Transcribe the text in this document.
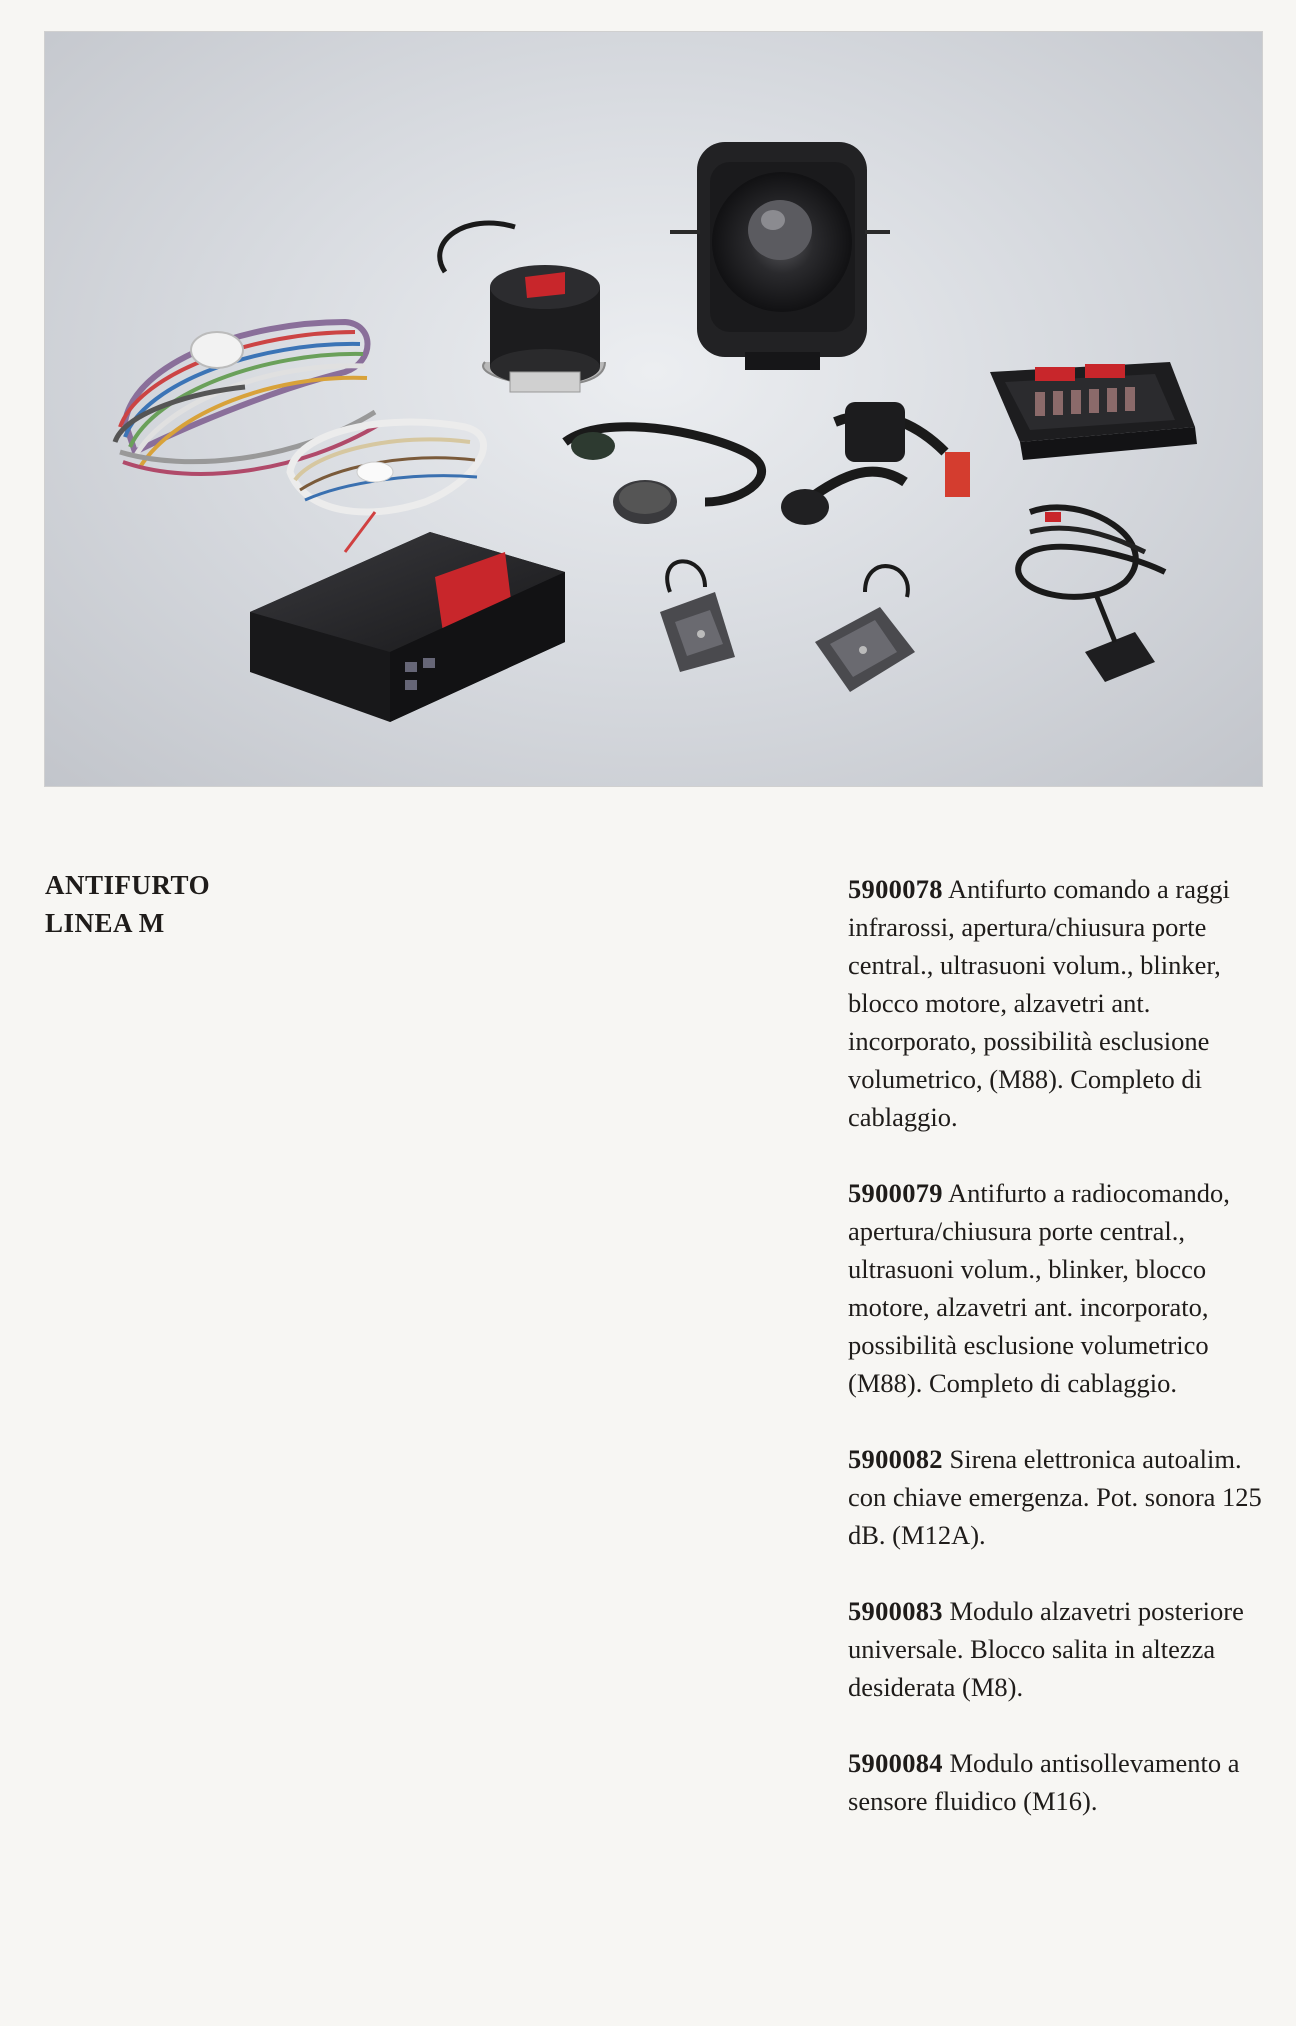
ANTIFURTO
LINEA M

5900078 Antifurto comando a raggi infrarossi, apertura/chiusura porte central., ultrasuoni volum., blinker, blocco motore, alzavetri ant. incorporato, possibilità esclusione volumetrico, (M88). Completo di cablaggio.

5900079 Antifurto a radiocomando, apertura/chiusura porte central., ultrasuoni volum., blinker, blocco motore, alzavetri ant. incorporato, possibilità esclusione volumetrico (M88). Completo di cablaggio.

5900082 Sirena elettronica autoalim. con chiave emergenza. Pot. sonora 125 dB. (M12A).

5900083 Modulo alzavetri posteriore universale. Blocco salita in altezza desiderata (M8).

5900084 Modulo antisollevamento a sensore fluidico (M16).
